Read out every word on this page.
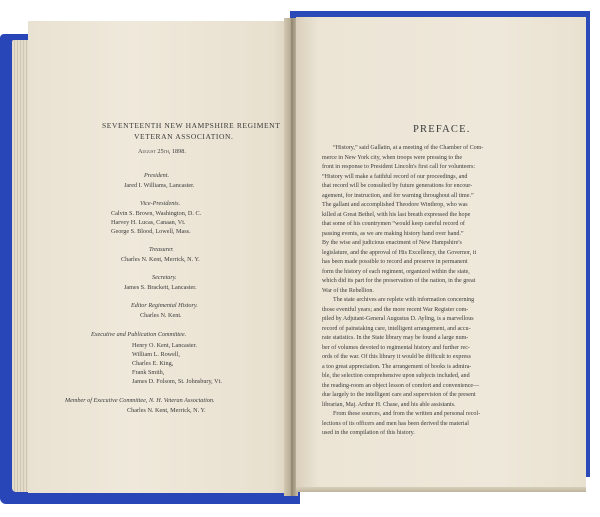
SEVENTEENTH NEW HAMPSHIRE REGIMENT
VETERAN ASSOCIATION.
August 25th, 1898.
President.
Jared I. Williams, Lancaster.
Vice-Presidents.
Calvin S. Brown, Washington, D. C.
Harvey H. Lucas, Canaan, Vt.
George S. Blood, Lowell, Mass.
Treasurer.
Charles N. Kent, Merrick, N. Y.
Secretary.
James S. Brackett, Lancaster.
Editor Regimental History.
Charles N. Kent.
Executive and Publication Committee.
Henry O. Kent, Lancaster.
William L. Rowell,
Charles E. King,
Frank Smith,
James D. Folsom, St. Johnsbury, Vt.
Member of Executive Committee, N. H. Veteran Association.
Charles N. Kent, Merrick, N. Y.
PREFACE.
“History,” said Gallatin, at a meeting of the Chamber of Com-
merce in New York city, when troops were pressing to the
front in response to President Lincoln's first call for volunteers:
“History will make a faithful record of our proceedings, and
that record will be consulted by future generations for encour-
agement, for instruction, and for warning throughout all time.”
The gallant and accomplished Theodore Winthrop, who was
killed at Great Bethel, with his last breath expressed the hope
that some of his countrymen “would keep careful record of
passing events, as we are making history hand over hand.”
By the wise and judicious enactment of New Hampshire's
legislature, and the approval of His Excellency, the Governor, it
has been made possible to record and preserve in permanent
form the history of each regiment, organized within the state,
which did its part for the preservation of the nation, in the great
War of the Rebellion.
The state archives are replete with information concerning
those eventful years; and the more recent War Register com-
piled by Adjutant-General Augustus D. Ayling, is a marvellous
record of painstaking care, intelligent arrangement, and accu-
rate statistics. In the State library may be found a large num-
ber of volumes devoted to regimental history and further rec-
ords of the war. Of this library it would be difficult to express
a too great appreciation. The arrangement of books is admira-
ble, the selection comprehensive upon subjects included, and
the reading-room an object lesson of comfort and convenience—
due largely to the intelligent care and supervision of the present
librarian, Maj. Arthur H. Chase, and his able assistants.
From these sources, and from the written and personal recol-
lections of its officers and men has been derived the material
used in the compilation of this history.
